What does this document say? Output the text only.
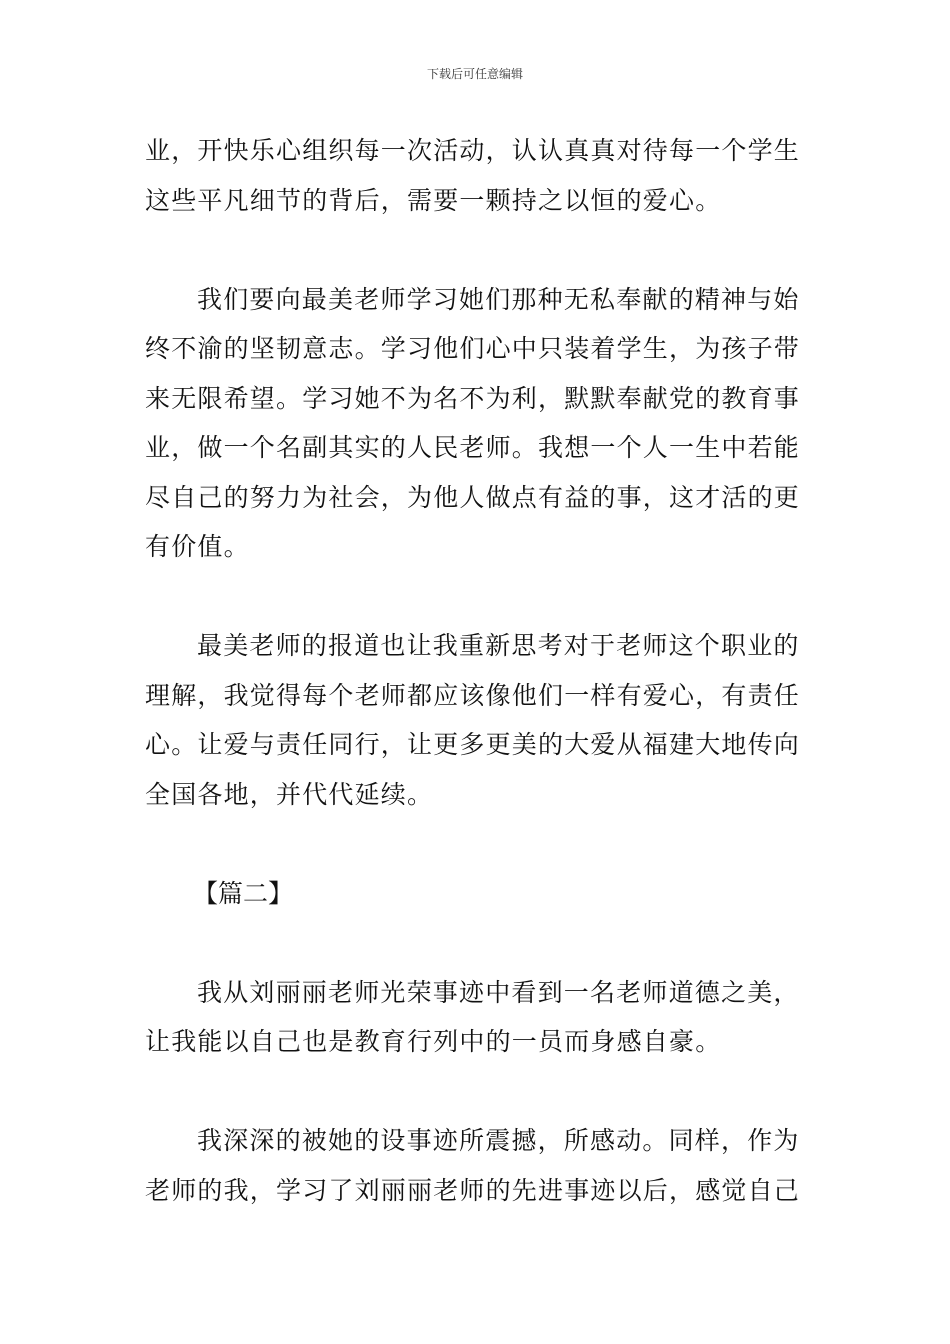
下载后可任意编辑
业，开快乐心组织每一次活动，认认真真对待每一个学生
这些平凡细节的背后，需要一颗持之以恒的爱心。
我们要向最美老师学习她们那种无私奉献的精神与始
终不渝的坚韧意志。学习他们心中只装着学生，为孩子带
来无限希望。学习她不为名不为利，默默奉献党的教育事
业，做一个名副其实的人民老师。我想一个人一生中若能
尽自己的努力为社会，为他人做点有益的事，这才活的更
有价值。
最美老师的报道也让我重新思考对于老师这个职业的
理解，我觉得每个老师都应该像他们一样有爱心，有责任
心。让爱与责任同行，让更多更美的大爱从福建大地传向
全国各地，并代代延续。
【篇二】
我从刘丽丽老师光荣事迹中看到一名老师道德之美，
让我能以自己也是教育行列中的一员而身感自豪。
我深深的被她的设事迹所震撼，所感动。同样，作为
老师的我，学习了刘丽丽老师的先进事迹以后，感觉自己
